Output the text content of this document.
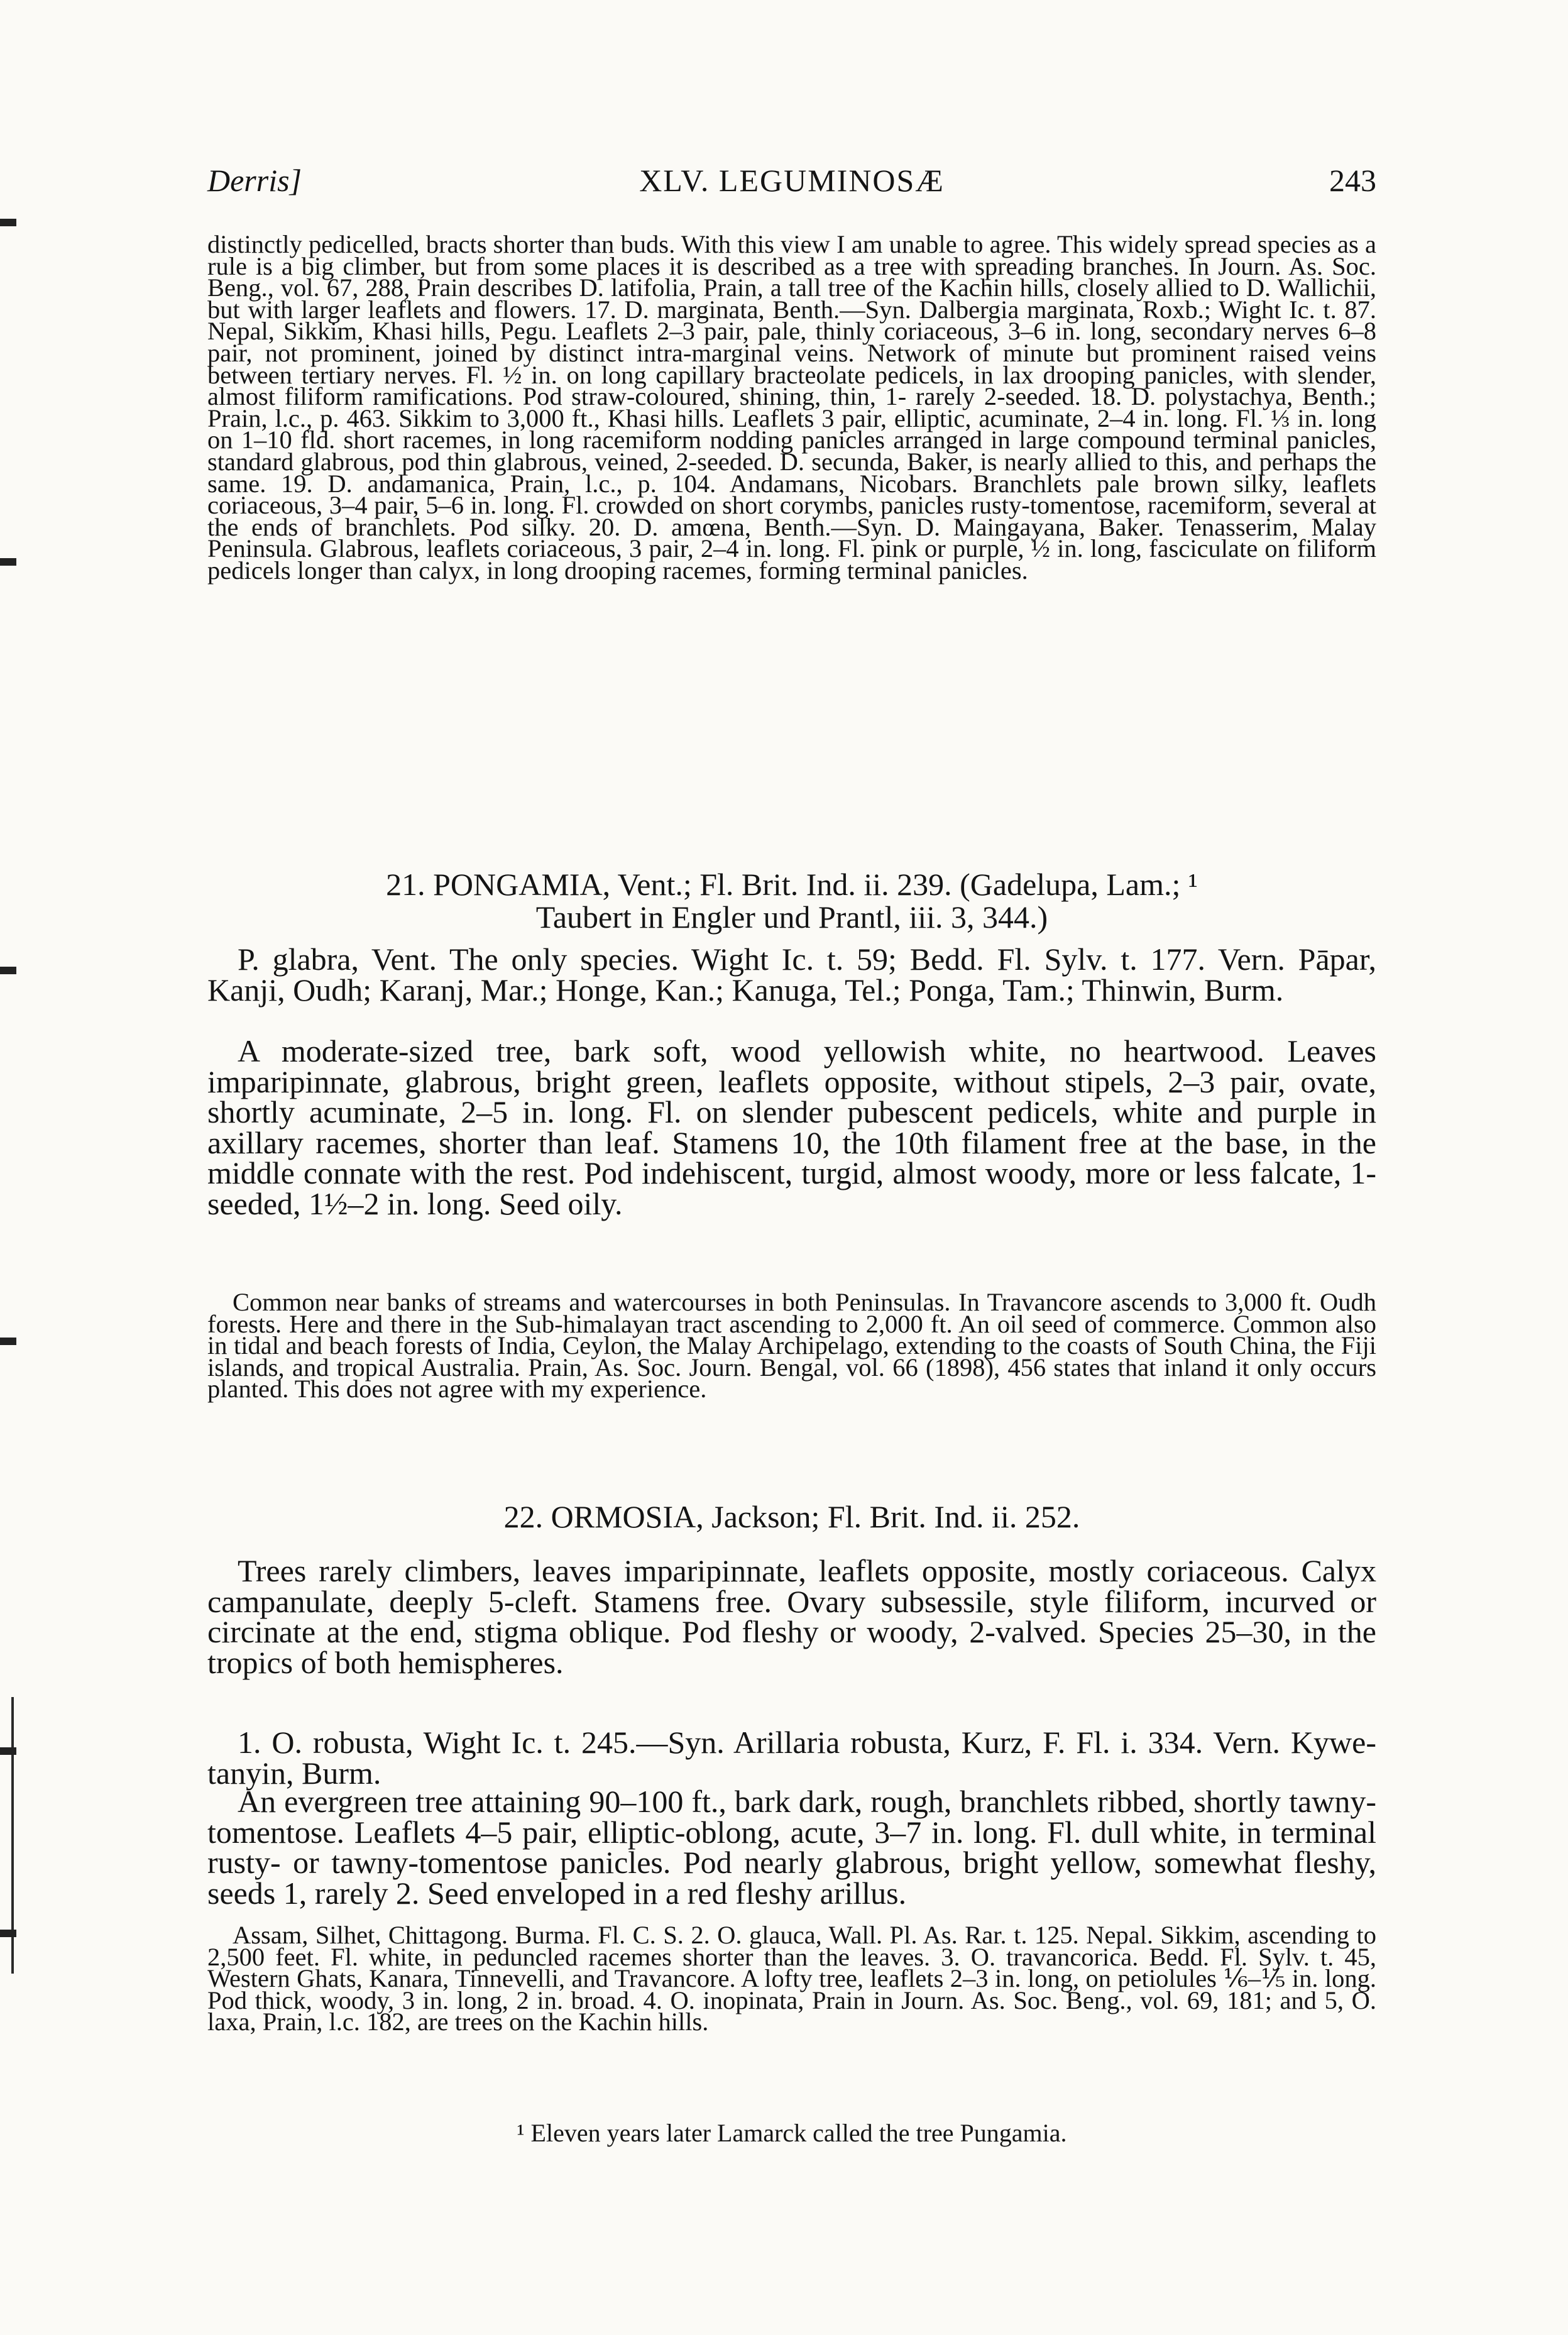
Derris]	XLV. LEGUMINOSÆ	243

distinctly pedicelled, bracts shorter than buds. With this view I am unable to agree. This widely spread species as a rule is a big climber, but from some places it is described as a tree with spreading branches. In Journ. As. Soc. Beng., vol. 67, 288, Prain describes D. latifolia, Prain, a tall tree of the Kachin hills, closely allied to D. Wallichii, but with larger leaflets and flowers. 17. D. marginata, Benth.—Syn. Dalbergia marginata, Roxb.; Wight Ic. t. 87. Nepal, Sikkim, Khasi hills, Pegu. Leaflets 2–3 pair, pale, thinly coriaceous, 3–6 in. long, secondary nerves 6–8 pair, not prominent, joined by distinct intra-marginal veins. Network of minute but prominent raised veins between tertiary nerves. Fl. ½ in. on long capillary bracteolate pedicels, in lax drooping panicles, with slender, almost filiform ramifications. Pod straw-coloured, shining, thin, 1- rarely 2-seeded. 18. D. polystachya, Benth.; Prain, l.c., p. 463. Sikkim to 3,000 ft., Khasi hills. Leaflets 3 pair, elliptic, acuminate, 2–4 in. long. Fl. ⅓ in. long on 1–10 fld. short racemes, in long racemiform nodding panicles arranged in large compound terminal panicles, standard glabrous, pod thin glabrous, veined, 2-seeded. D. secunda, Baker, is nearly allied to this, and perhaps the same. 19. D. andamanica, Prain, l.c., p. 104. Andamans, Nicobars. Branchlets pale brown silky, leaflets coriaceous, 3–4 pair, 5–6 in. long. Fl. crowded on short corymbs, panicles rusty-tomentose, racemiform, several at the ends of branchlets. Pod silky. 20. D. amœna, Benth.—Syn. D. Maingayana, Baker. Tenasserim, Malay Peninsula. Glabrous, leaflets coriaceous, 3 pair, 2–4 in. long. Fl. pink or purple, ½ in. long, fasciculate on filiform pedicels longer than calyx, in long drooping racemes, forming terminal panicles.

21. PONGAMIA, Vent.; Fl. Brit. Ind. ii. 239. (Gadelupa, Lam.; ¹
Taubert in Engler und Prantl, iii. 3, 344.)

P. glabra, Vent. The only species. Wight Ic. t. 59; Bedd. Fl. Sylv. t. 177. Vern. Pāpar, Kanji, Oudh; Karanj, Mar.; Honge, Kan.; Kanuga, Tel.; Ponga, Tam.; Thinwin, Burm.

A moderate-sized tree, bark soft, wood yellowish white, no heartwood. Leaves imparipinnate, glabrous, bright green, leaflets opposite, without stipels, 2–3 pair, ovate, shortly acuminate, 2–5 in. long. Fl. on slender pubescent pedicels, white and purple in axillary racemes, shorter than leaf. Stamens 10, the 10th filament free at the base, in the middle connate with the rest. Pod indehiscent, turgid, almost woody, more or less falcate, 1-seeded, 1½–2 in. long. Seed oily.

Common near banks of streams and watercourses in both Peninsulas. In Travancore ascends to 3,000 ft. Oudh forests. Here and there in the Sub-himalayan tract ascending to 2,000 ft. An oil seed of commerce. Common also in tidal and beach forests of India, Ceylon, the Malay Archipelago, extending to the coasts of South China, the Fiji islands, and tropical Australia. Prain, As. Soc. Journ. Bengal, vol. 66 (1898), 456 states that inland it only occurs planted. This does not agree with my experience.

22. ORMOSIA, Jackson; Fl. Brit. Ind. ii. 252.

Trees rarely climbers, leaves imparipinnate, leaflets opposite, mostly coriaceous. Calyx campanulate, deeply 5-cleft. Stamens free. Ovary subsessile, style filiform, incurved or circinate at the end, stigma oblique. Pod fleshy or woody, 2-valved. Species 25–30, in the tropics of both hemispheres.

1. O. robusta, Wight Ic. t. 245.—Syn. Arillaria robusta, Kurz, F. Fl. i. 334. Vern. Kywe-tanyin, Burm.

An evergreen tree attaining 90–100 ft., bark dark, rough, branchlets ribbed, shortly tawny-tomentose. Leaflets 4–5 pair, elliptic-oblong, acute, 3–7 in. long. Fl. dull white, in terminal rusty- or tawny-tomentose panicles. Pod nearly glabrous, bright yellow, somewhat fleshy, seeds 1, rarely 2. Seed enveloped in a red fleshy arillus.

Assam, Silhet, Chittagong. Burma. Fl. C. S. 2. O. glauca, Wall. Pl. As. Rar. t. 125. Nepal. Sikkim, ascending to 2,500 feet. Fl. white, in peduncled racemes shorter than the leaves. 3. O. travancorica. Bedd. Fl. Sylv. t. 45, Western Ghats, Kanara, Tinnevelli, and Travancore. A lofty tree, leaflets 2–3 in. long, on petiolules ⅙–⅕ in. long. Pod thick, woody, 3 in. long, 2 in. broad. 4. O. inopinata, Prain in Journ. As. Soc. Beng., vol. 69, 181; and 5, O. laxa, Prain, l.c. 182, are trees on the Kachin hills.

¹ Eleven years later Lamarck called the tree Pungamia.
